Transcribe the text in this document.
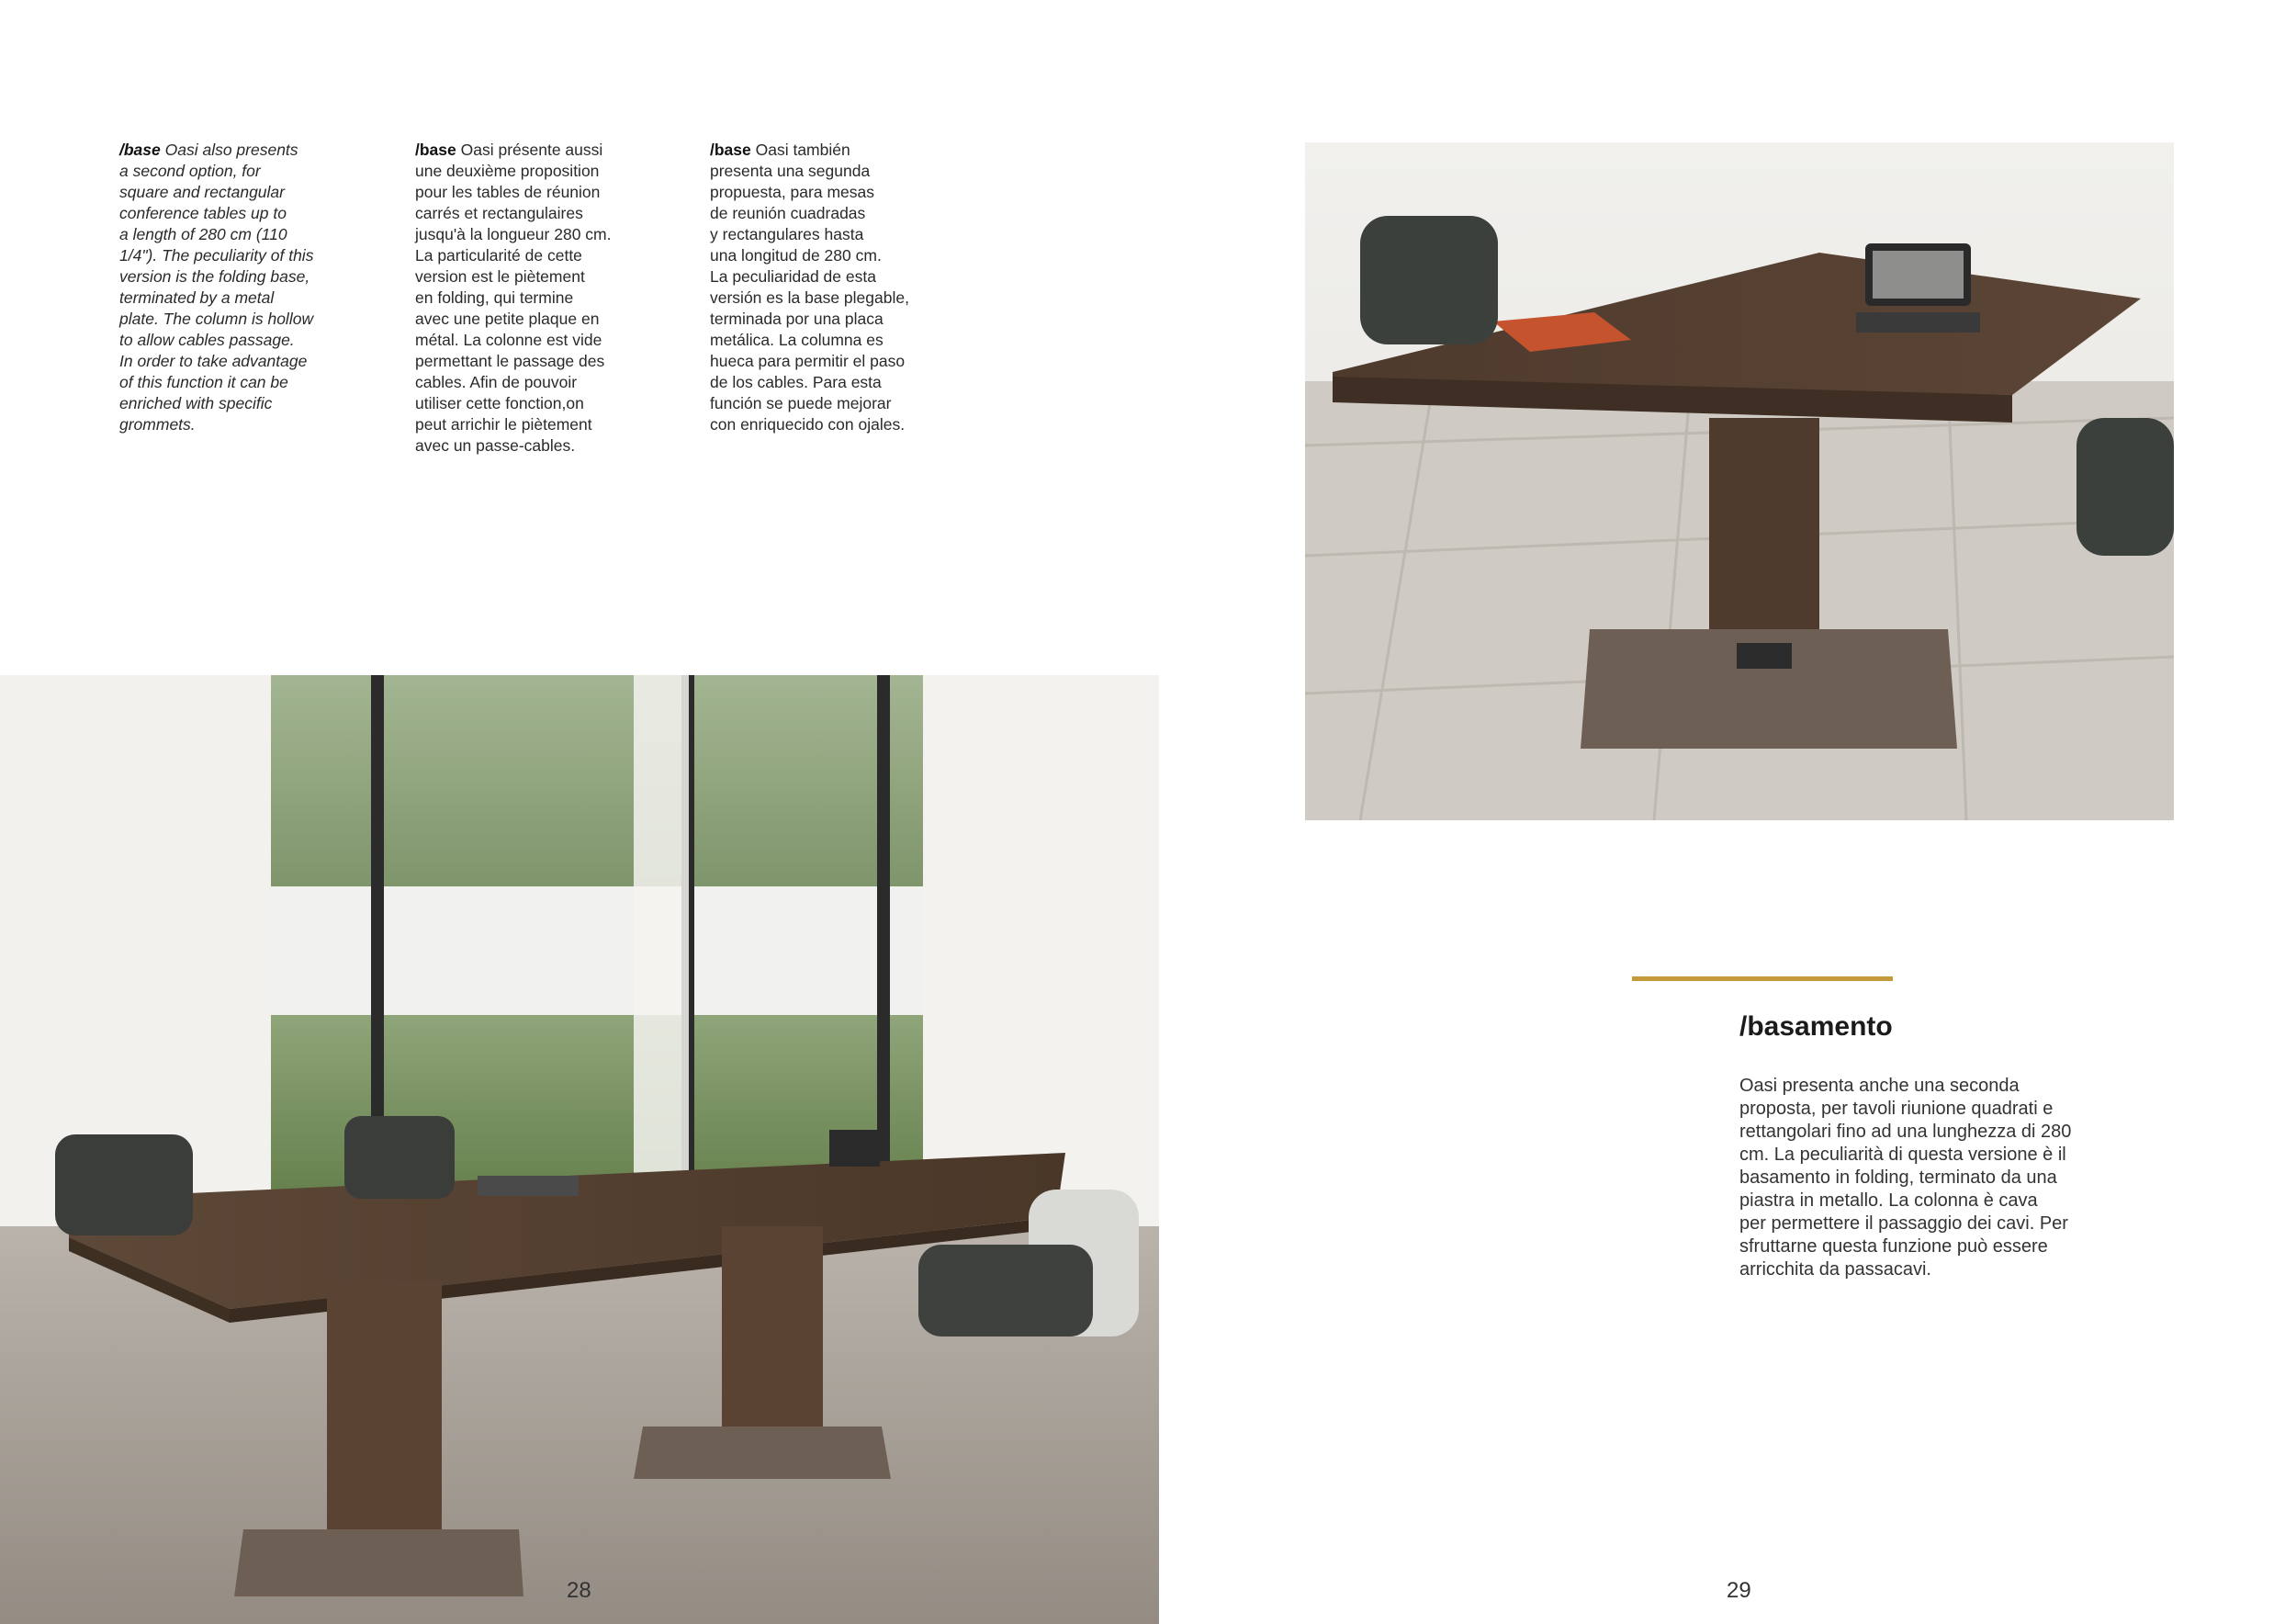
/base Oasi also presents
a second option, for
square and rectangular
conference tables up to
a length of 280 cm (110
1/4"). The peculiarity of this
version is the folding base,
terminated by a metal
plate. The column is hollow
to allow cables passage.
In order to take advantage
of this function it can be
enriched with specific
grommets.
/base Oasi présente aussi
une deuxième proposition
pour les tables de réunion
carrés et rectangulaires
jusqu'à la longueur 280 cm.
La particularité de cette
version est le piètement
en folding, qui termine
avec une petite plaque en
métal. La colonne est vide
permettant le passage des
cables. Afin de pouvoir
utiliser cette fonction,on
peut arrichir le piètement
avec un passe-cables.
/base Oasi también
presenta una segunda
propuesta, para mesas
de reunión cuadradas
y rectangulares hasta
una longitud de 280 cm.
La peculiaridad de esta
versión es la base plegable,
terminada por una placa
metálica. La columna es
hueca para permitir el paso
de los cables. Para esta
función se puede mejorar
con enriquecido con ojales.
/basamento
Oasi presenta anche una seconda
proposta, per tavoli riunione quadrati e
rettangolari fino ad una lunghezza di 280
cm. La peculiarità di questa versione è il
basamento in folding, terminato da una
piastra in metallo. La colonna è cava
per permettere il passaggio dei cavi. Per
sfruttarne questa funzione può essere
arricchita da passacavi.
28	29
